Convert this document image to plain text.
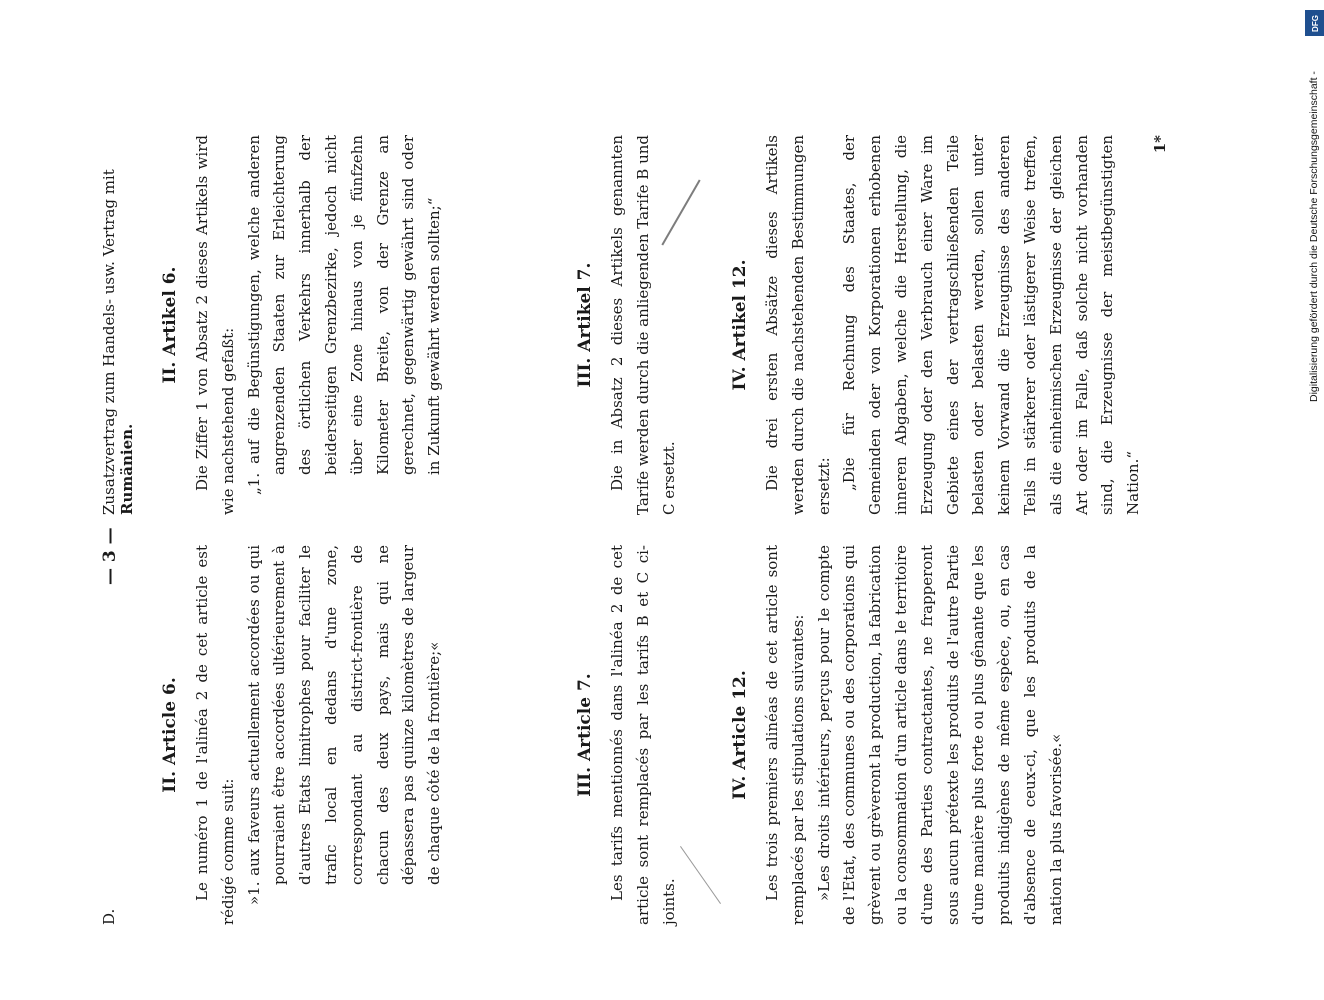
D.
— 3 —
Zusatzvertrag zum Handels- usw. Vertrag mit Rumänien.
II. Article 6. Le numéro 1 de l'alinéa 2 de cet article est rédigé comme suit: »1. aux faveurs actuellement accordées ou qui pourraient être accordées ultérieurement à d'autres Etats limitrophes pour faciliter le trafic local en dedans d'une zone, correspondant au district-frontière de chacun des deux pays, mais qui ne dépassera pas quinze kilomètres de largeur de chaque côté de la frontière;«	III. Article 7. Les tarifs mentionnés dans l'alinéa 2 de cet article sont remplacés par les tarifs B et C ci-joints.

IV. Article 12. Les trois premiers alinéas de cet article sont remplacés par les stipulations suivantes: »Les droits intérieurs, perçus pour le compte de l'Etat, des communes ou des corporations qui grèvent ou grèveront la production, la fabrication ou la consommation d'un article dans le territoire d'une des Parties contractantes, ne frapperont sous aucun prétexte les produits de l'autre Partie d'une manière plus forte ou plus gênante que les produits indigènes de même espèce, ou, en cas d'absence de ceux-ci, que les produits de la nation la plus favorisée.«

II. Artikel 6. Die Ziffer 1 von Absatz 2 dieses Artikels wird wie nachstehend gefaßt: „1. auf die Begünstigungen, welche anderen angrenzenden Staaten zur Erleichterung des örtlichen Verkehrs innerhalb der beiderseitigen Grenzbezirke, jedoch nicht über eine Zone hinaus von je fünfzehn Kilometer Breite, von der Grenze an gerechnet, gegenwärtig gewährt sind oder in Zukunft gewährt werden sollten;“	III. Artikel 7. Die in Absatz 2 dieses Artikels genannten Tarife werden durch die anliegenden Tarife B und C ersetzt.

IV. Artikel 12. Die drei ersten Absätze dieses Artikels werden durch die nachstehenden Bestimmungen ersetzt: „Die für Rechnung des Staates, der Gemeinden oder von Korporationen erhobenen inneren Abgaben, welche die Herstellung, die Erzeugung oder den Verbrauch einer Ware im Gebiete eines der vertragschließenden Teile belasten oder belasten werden, sollen unter keinem Vorwand die Erzeugnisse des anderen Teils in stärkerer oder lästigerer Weise treffen, als die einheimischen Erzeugnisse der gleichen Art oder im Falle, daß solche nicht vorhanden sind, die Erzeugnisse der meistbegünstigten Nation.“

1*
DFG
Digitalisierung gefördert durch die Deutsche Forschungsgemeinschaft -
